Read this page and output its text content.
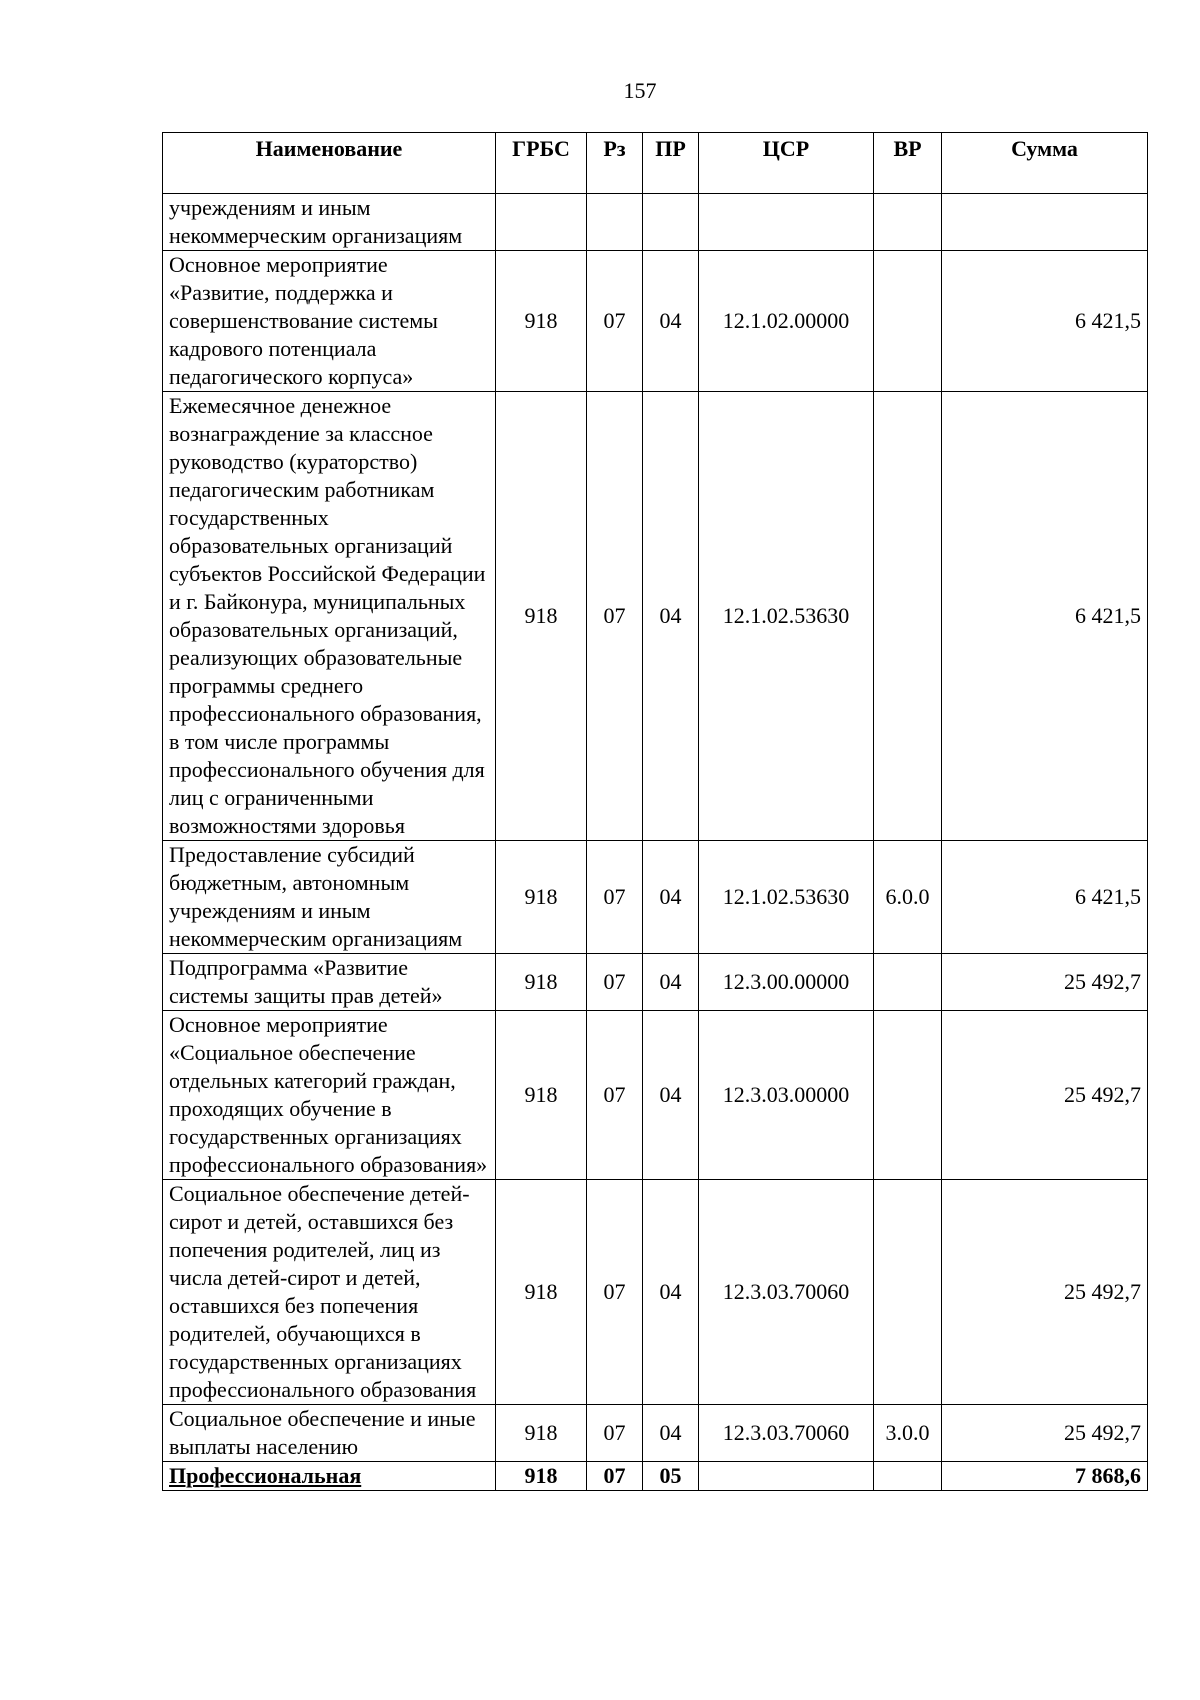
157
Наименование	ГРБС	Рз	ПР	ЦСР	ВР	Сумма
учреждениям и иным некоммерческим организациям						
Основное мероприятие «Развитие, поддержка и совершенствование системы кадрового потенциала педагогического корпуса»	918	07	04	12.1.02.00000		6 421,5
Ежемесячное денежное вознаграждение за классное руководство (кураторство) педагогическим работникам государственных образовательных организаций субъектов Российской Федерации и г. Байконура, муниципальных образовательных организаций, реализующих образовательные программы среднего профессионального образования, в том числе программы профессионального обучения для лиц с ограниченными возможностями здоровья	918	07	04	12.1.02.53630		6 421,5
Предоставление субсидий бюджетным, автономным учреждениям и иным некоммерческим организациям	918	07	04	12.1.02.53630	6.0.0	6 421,5
Подпрограмма «Развитие системы защиты прав детей»	918	07	04	12.3.00.00000		25 492,7
Основное мероприятие «Социальное обеспечение отдельных категорий граждан, проходящих обучение в государственных организациях профессионального образования»	918	07	04	12.3.03.00000		25 492,7
Социальное обеспечение детей-сирот и детей, оставшихся без попечения родителей, лиц из числа детей-сирот и детей, оставшихся без попечения родителей, обучающихся в государственных организациях профессионального образования	918	07	04	12.3.03.70060		25 492,7
Социальное обеспечение и иные выплаты населению	918	07	04	12.3.03.70060	3.0.0	25 492,7
Профессиональная	918	07	05			7 868,6
